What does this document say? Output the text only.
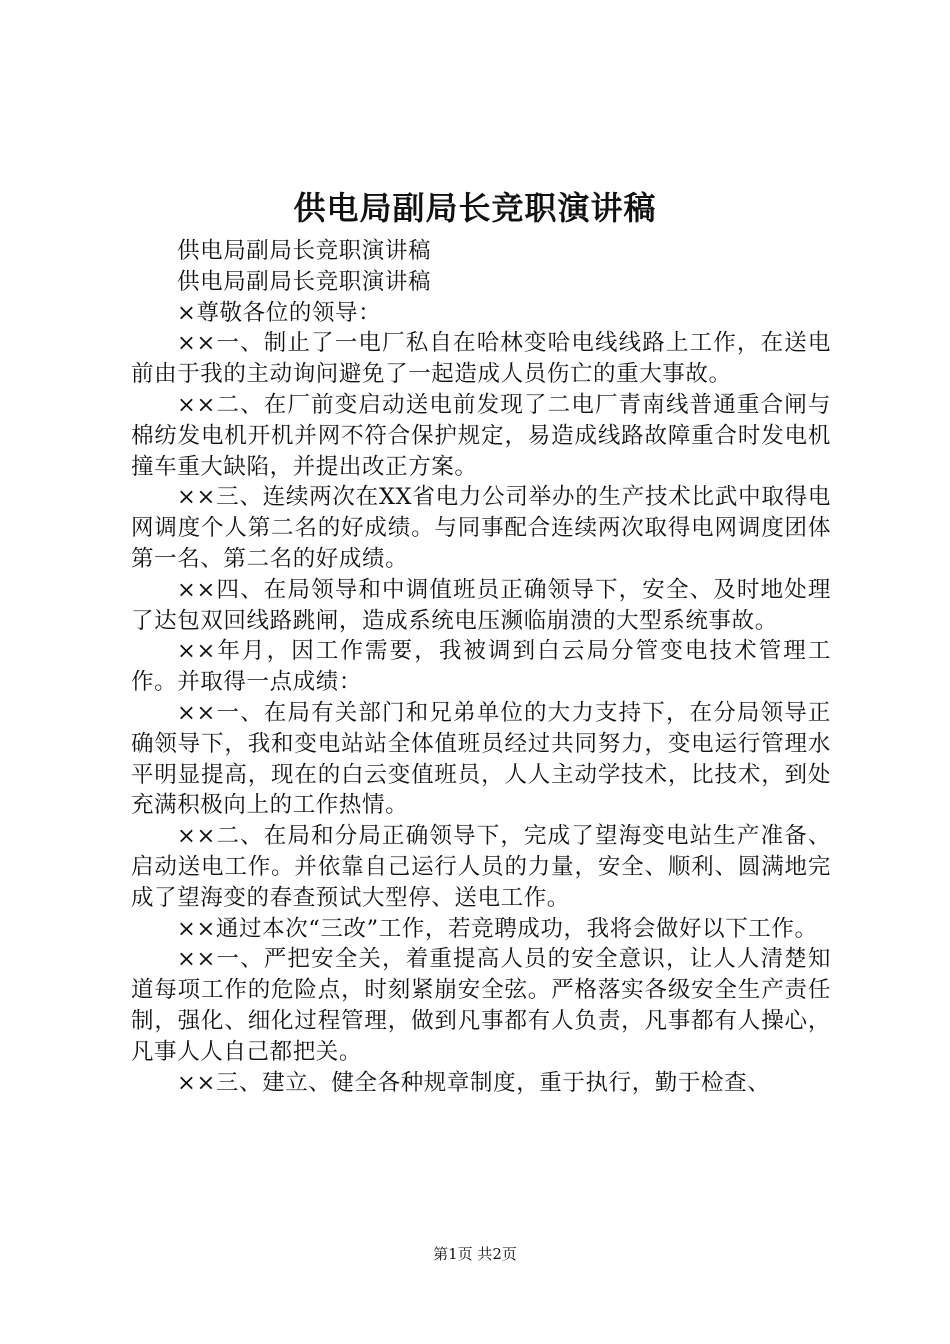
供电局副局长竞职演讲稿

供电局副局长竞职演讲稿

供电局副局长竞职演讲稿

×尊敬各位的领导：

××一、制止了一电厂私自在哈林变哈电线线路上工作，在送电前由于我的主动询问避免了一起造成人员伤亡的重大事故。

××二、在厂前变启动送电前发现了二电厂青南线普通重合闸与棉纺发电机开机并网不符合保护规定，易造成线路故障重合时发电机撞车重大缺陷，并提出改正方案。

××三、连续两次在XX省电力公司举办的生产技术比武中取得电网调度个人第二名的好成绩。与同事配合连续两次取得电网调度团体第一名、第二名的好成绩。

××四、在局领导和中调值班员正确领导下，安全、及时地处理了达包双回线路跳闸，造成系统电压濒临崩溃的大型系统事故。

××年月，因工作需要，我被调到白云局分管变电技术管理工作。并取得一点成绩：

××一、在局有关部门和兄弟单位的大力支持下，在分局领导正确领导下，我和变电站站全体值班员经过共同努力，变电运行管理水平明显提高，现在的白云变值班员，人人主动学技术，比技术，到处充满积极向上的工作热情。

××二、在局和分局正确领导下，完成了望海变电站生产准备、启动送电工作。并依靠自己运行人员的力量，安全、顺利、圆满地完成了望海变的春查预试大型停、送电工作。

××通过本次“三改”工作，若竞聘成功，我将会做好以下工作。

××一、严把安全关，着重提高人员的安全意识，让人人清楚知道每项工作的危险点，时刻紧崩安全弦。严格落实各级安全生产责任制，强化、细化过程管理，做到凡事都有人负责，凡事都有人操心，凡事人人自己都把关。

××三、建立、健全各种规章制度，重于执行，勤于检查、

第1页 共2页
